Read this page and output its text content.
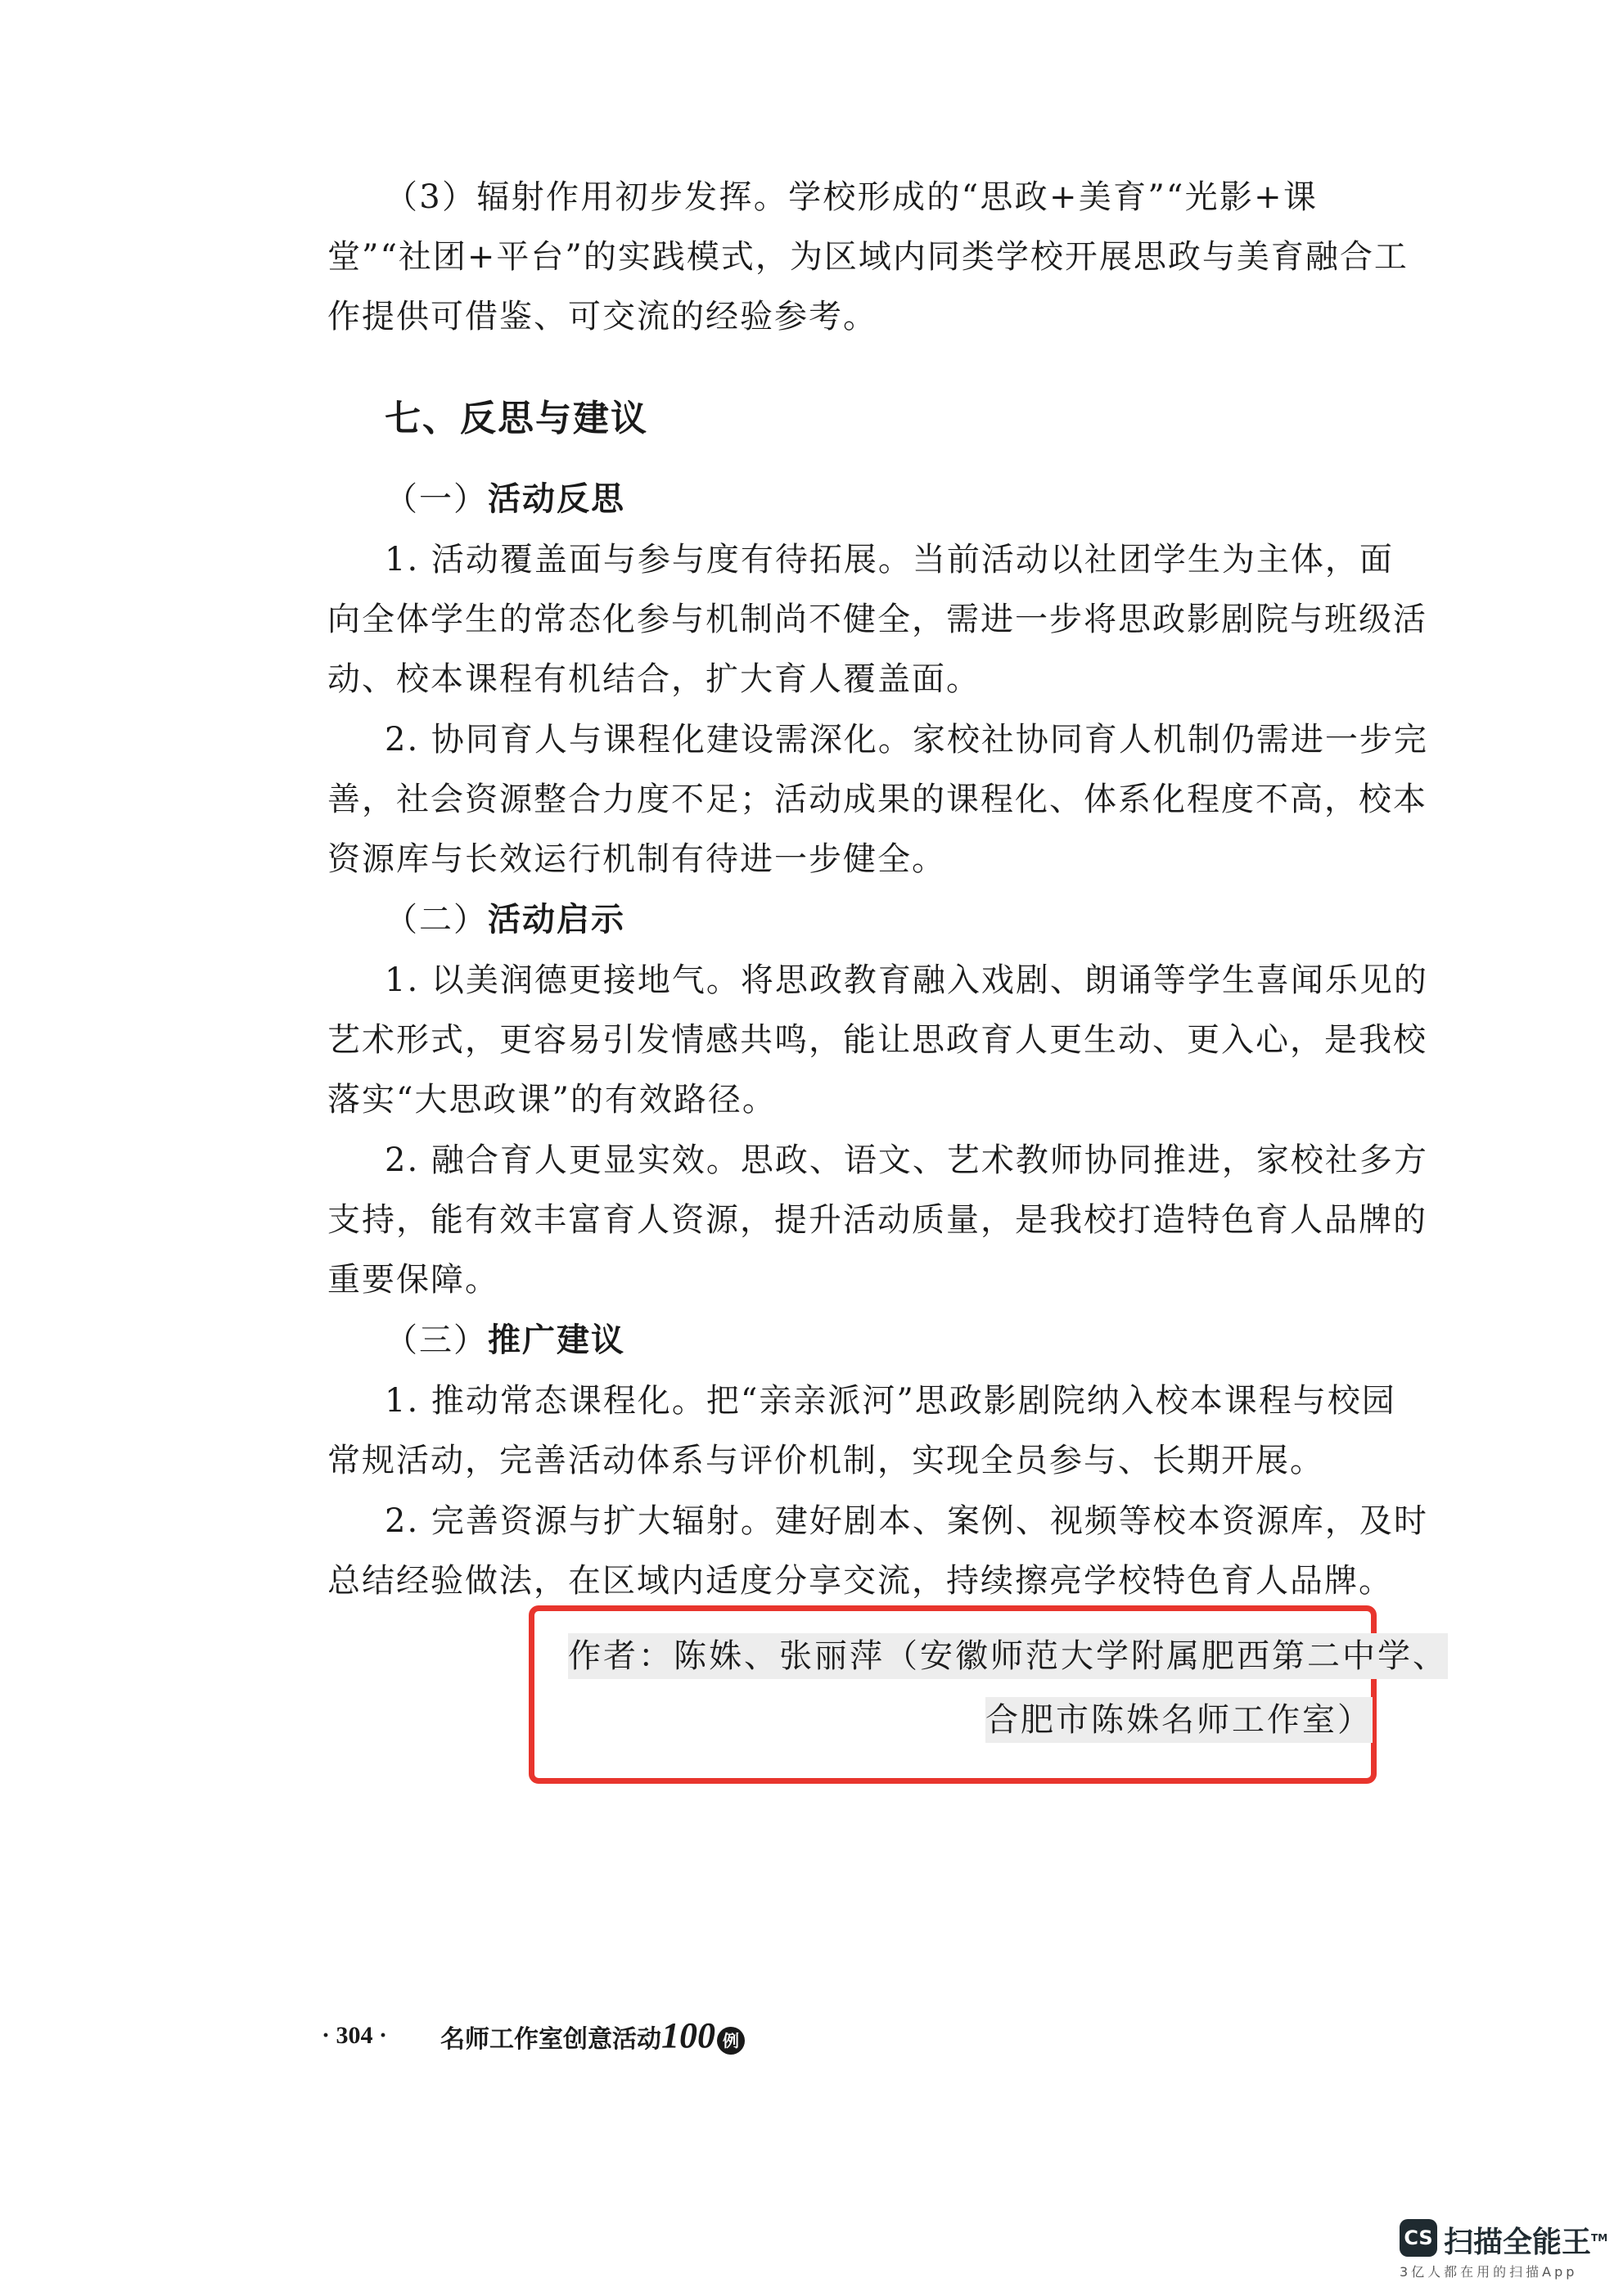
（3）辐射作用初步发挥。学校形成的“思政+美育”“光影+课
堂”“社团+平台”的实践模式，为区域内同类学校开展思政与美育融合工
作提供可借鉴、可交流的经验参考。
七、反思与建议
（一）活动反思
1. 活动覆盖面与参与度有待拓展。当前活动以社团学生为主体，面
向全体学生的常态化参与机制尚不健全，需进一步将思政影剧院与班级活
动、校本课程有机结合，扩大育人覆盖面。
2. 协同育人与课程化建设需深化。家校社协同育人机制仍需进一步完
善，社会资源整合力度不足；活动成果的课程化、体系化程度不高，校本
资源库与长效运行机制有待进一步健全。
（二）活动启示
1. 以美润德更接地气。将思政教育融入戏剧、朗诵等学生喜闻乐见的
艺术形式，更容易引发情感共鸣，能让思政育人更生动、更入心，是我校
落实“大思政课”的有效路径。
2. 融合育人更显实效。思政、语文、艺术教师协同推进，家校社多方
支持，能有效丰富育人资源，提升活动质量，是我校打造特色育人品牌的
重要保障。
（三）推广建议
1. 推动常态课程化。把“亲亲派河”思政影剧院纳入校本课程与校园
常规活动，完善活动体系与评价机制，实现全员参与、长期开展。
2. 完善资源与扩大辐射。建好剧本、案例、视频等校本资源库，及时
总结经验做法，在区域内适度分享交流，持续擦亮学校特色育人品牌。
作者：陈姝、张丽萍（安徽师范大学附属肥西第二中学、
合肥市陈姝名师工作室）
· 304 · 名师工作室创意活动100 例
CS 扫描全能王™
3亿人都在用的扫描App
